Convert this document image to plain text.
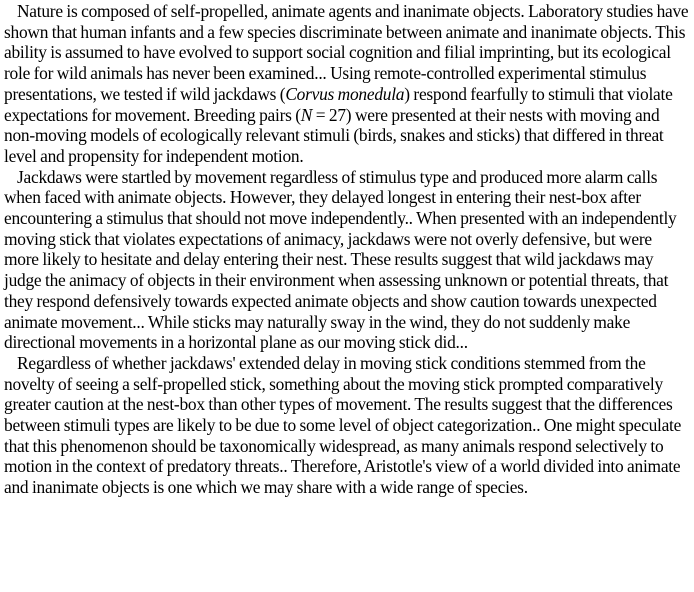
Nature is composed of self-propelled, animate agents and inanimate objects. Laboratory studies have shown that human infants and a few species discriminate between animate and inanimate objects. This ability is assumed to have evolved to support social cognition and filial imprinting, but its ecological role for wild animals has never been examined... Using remote-controlled experimental stimulus presentations, we tested if wild jackdaws (Corvus monedula) respond fearfully to stimuli that violate expectations for movement. Breeding pairs (N = 27) were presented at their nests with moving and non-moving models of ecologically relevant stimuli (birds, snakes and sticks) that differed in threat level and propensity for independent motion.

Jackdaws were startled by movement regardless of stimulus type and produced more alarm calls when faced with animate objects. However, they delayed longest in entering their nest-box after encountering a stimulus that should not move independently.. When presented with an independently moving stick that violates expectations of animacy, jackdaws were not overly defensive, but were more likely to hesitate and delay entering their nest. These results suggest that wild jackdaws may judge the animacy of objects in their environment when assessing unknown or potential threats, that they respond defensively towards expected animate objects and show caution towards unexpected animate movement... While sticks may naturally sway in the wind, they do not suddenly make directional movements in a horizontal plane as our moving stick did...

Regardless of whether jackdaws' extended delay in moving stick conditions stemmed from the novelty of seeing a self-propelled stick, something about the moving stick prompted comparatively greater caution at the nest-box than other types of movement. The results suggest that the differences between stimuli types are likely to be due to some level of object categorization.. One might speculate that this phenomenon should be taxonomically widespread, as many animals respond selectively to motion in the context of predatory threats.. Therefore, Aristotle's view of a world divided into animate and inanimate objects is one which we may share with a wide range of species.
